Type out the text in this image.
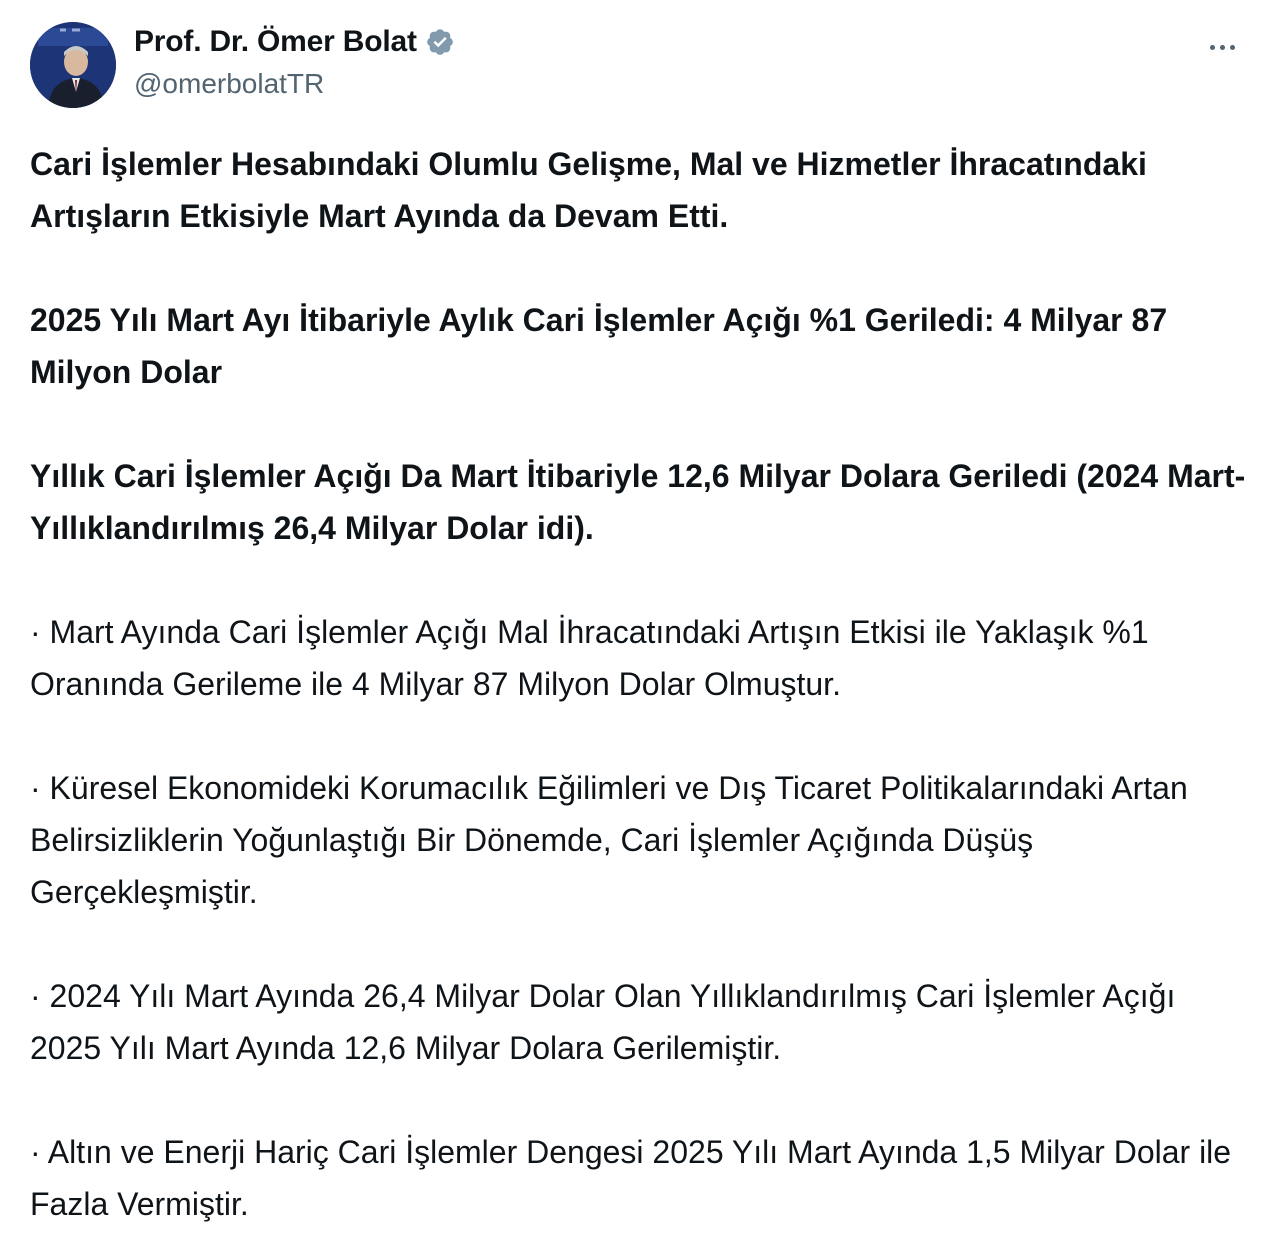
Prof. Dr. Ömer Bolat
@omerbolatTR

Cari İşlemler Hesabındaki Olumlu Gelişme, Mal ve Hizmetler İhracatındaki Artışların Etkisiyle Mart Ayında da Devam Etti.

2025 Yılı Mart Ayı İtibariyle Aylık Cari İşlemler Açığı %1 Geriledi: 4 Milyar 87 Milyon Dolar

Yıllık Cari İşlemler Açığı Da Mart İtibariyle 12,6 Milyar Dolara Geriledi (2024 Mart-Yıllıklandırılmış 26,4 Milyar Dolar idi).

· Mart Ayında Cari İşlemler Açığı Mal İhracatındaki Artışın Etkisi ile Yaklaşık %1 Oranında Gerileme ile 4 Milyar 87 Milyon Dolar Olmuştur.

· Küresel Ekonomideki Korumacılık Eğilimleri ve Dış Ticaret Politikalarındaki Artan Belirsizliklerin Yoğunlaştığı Bir Dönemde, Cari İşlemler Açığında Düşüş Gerçekleşmiştir.

· 2024 Yılı Mart Ayında 26,4 Milyar Dolar Olan Yıllıklandırılmış Cari İşlemler Açığı 2025 Yılı Mart Ayında 12,6 Milyar Dolara Gerilemiştir.

· Altın ve Enerji Hariç Cari İşlemler Dengesi 2025 Yılı Mart Ayında 1,5 Milyar Dolar ile Fazla Vermiştir.
